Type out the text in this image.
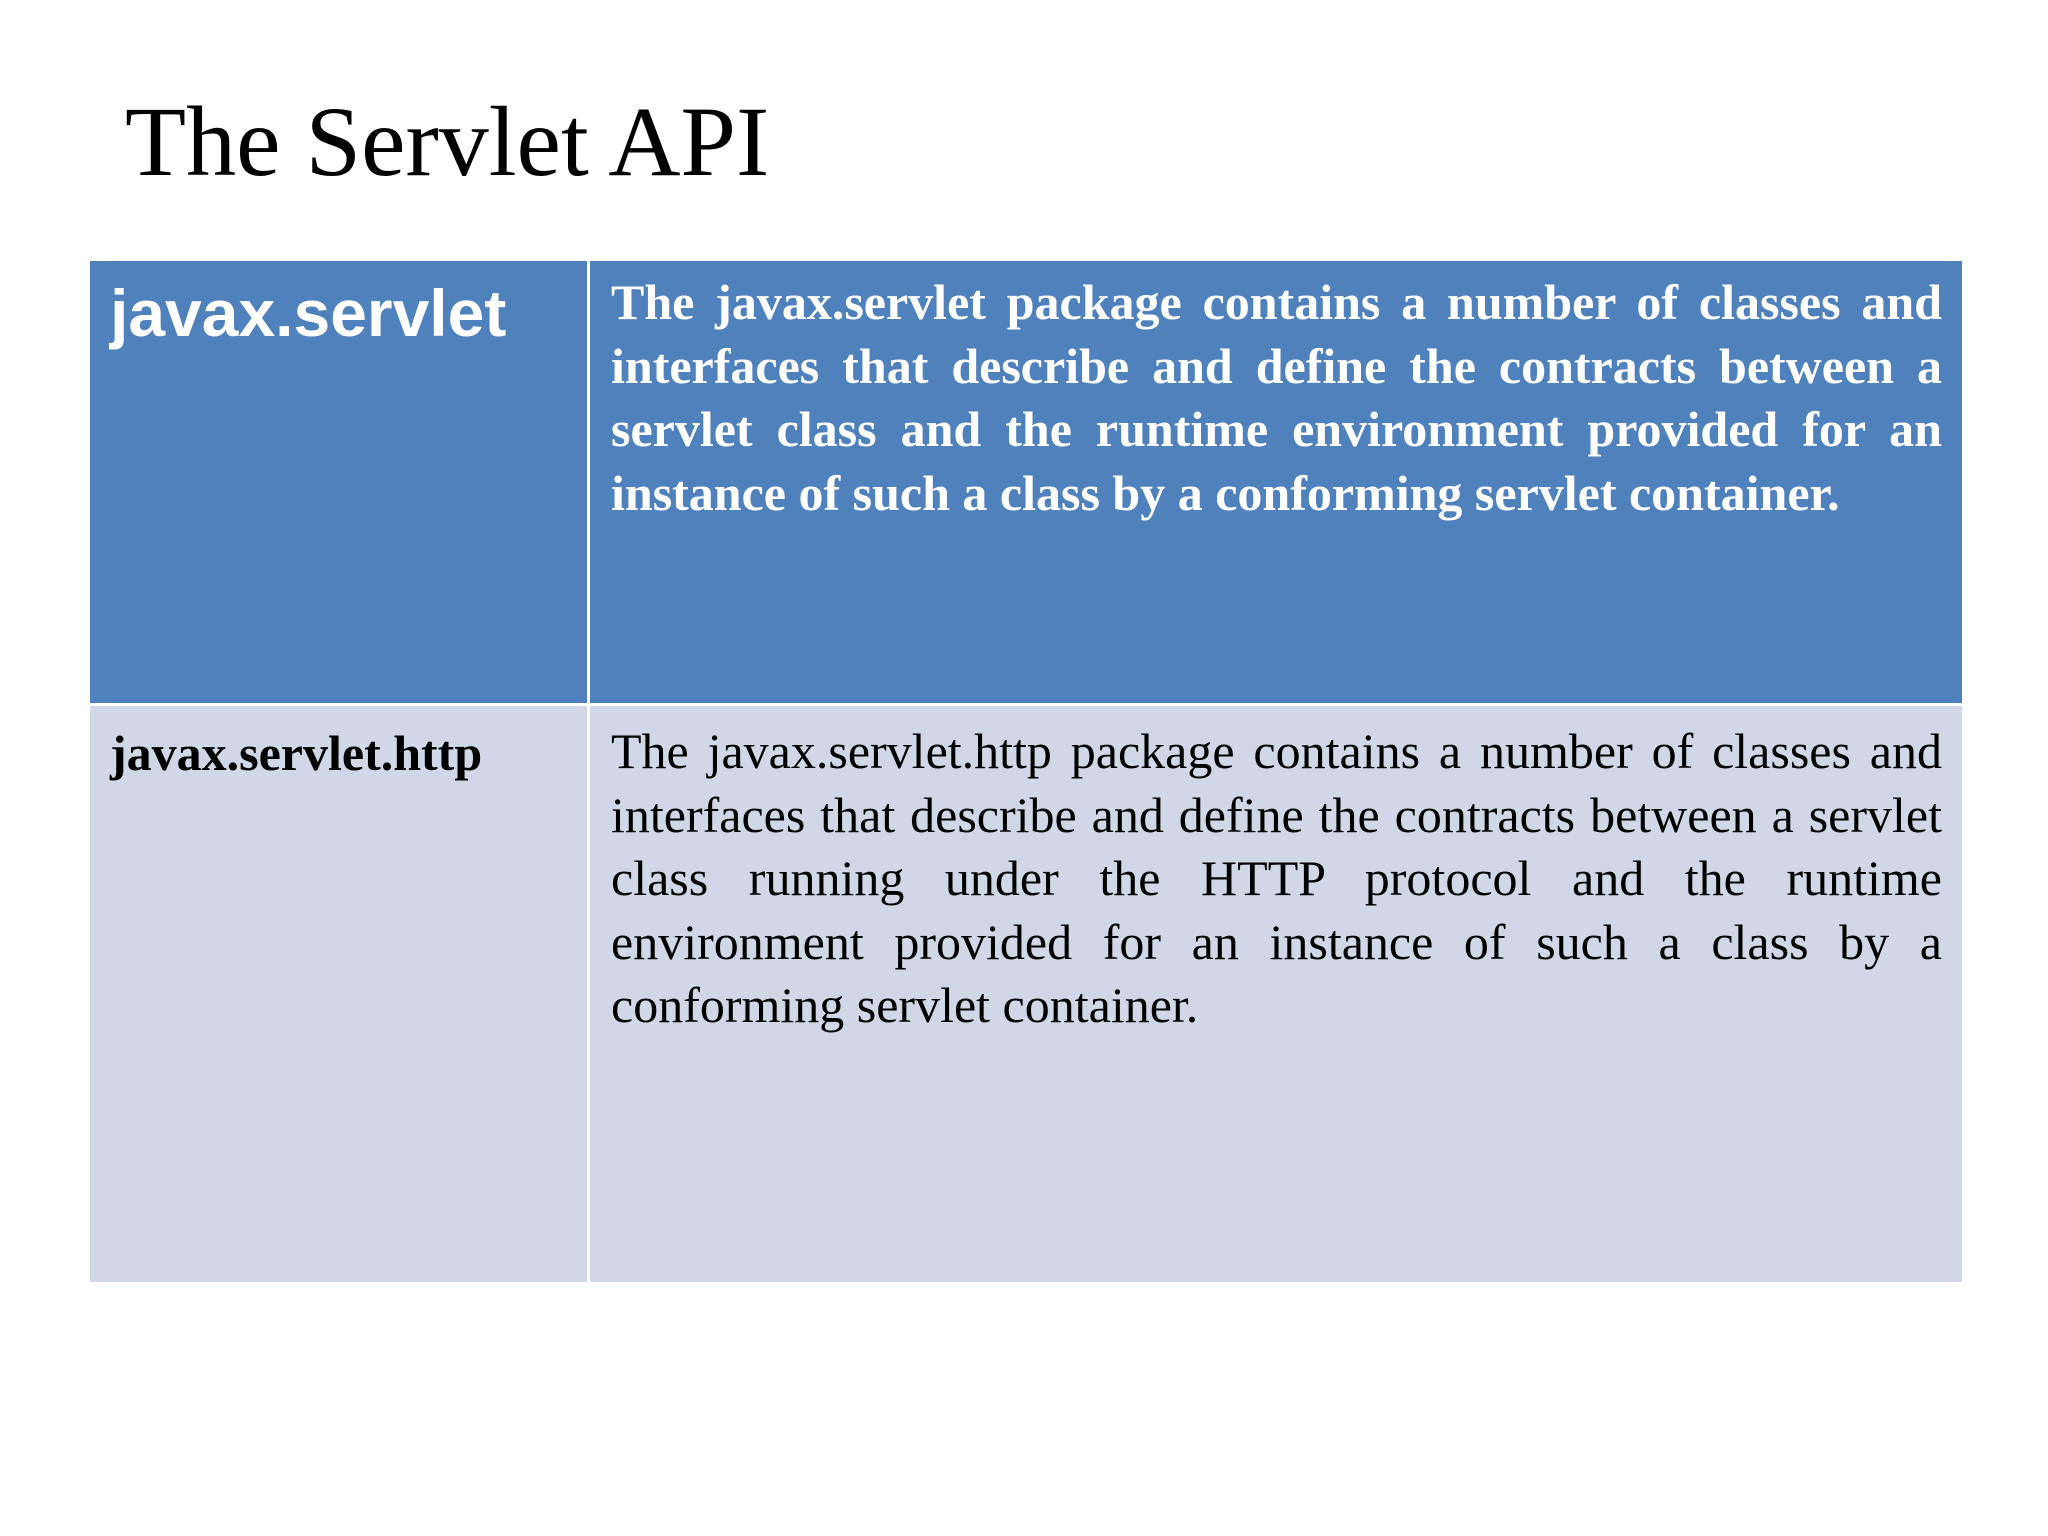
The Servlet API
javax.servlet	The javax.servlet package contains a number of classes and interfaces that describe and define the contracts between a servlet class and the runtime environment provided for an instance of such a class by a conforming servlet container.

javax.servlet.http	The javax.servlet.http package contains a number of classes and interfaces that describe and define the contracts between a servlet class running under the HTTP protocol and the runtime environment provided for an instance of such a class by a conforming servlet container.
